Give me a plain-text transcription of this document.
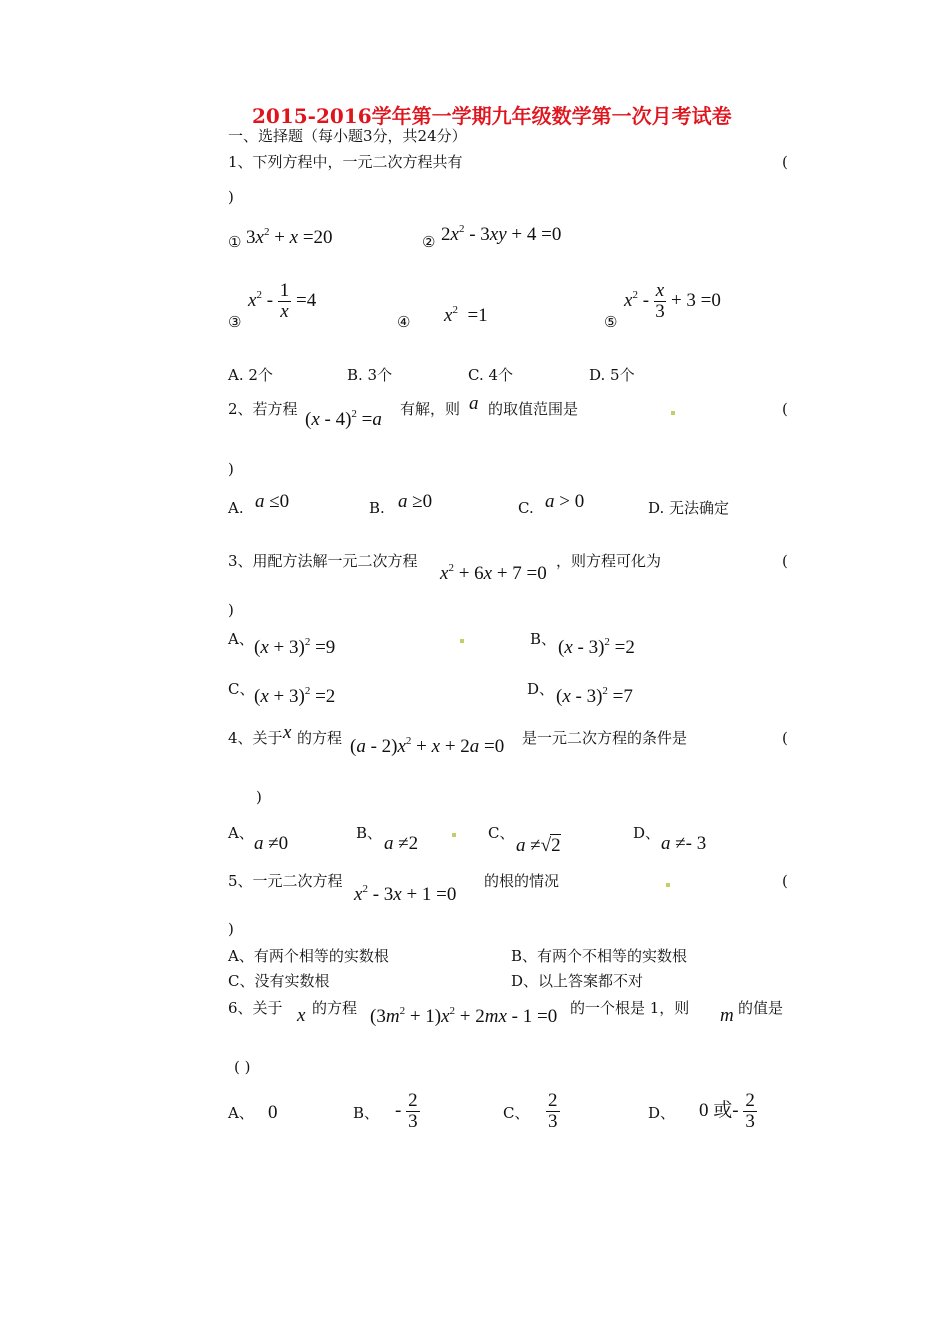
2015-2016学年第一学期九年级数学第一次月考试卷
一、选择题（每小题3分，共24分）
1、下列方程中，一元二次方程共有	(
)
① $3x^2 + x =20$	② $2x^2 - 3xy + 4 =0$
③
$x^2 - \frac{1}{x} =4$
④ $x^2 =1$	⑤
$x^2 - \frac{x}{3} + 3 =0$
A. 2个	B. 3个	C. 4个	D. 5个
2、若方程 (x - 4)$^2$ =a 有解，则 a 的取值范围是	(
)
A. a ≤0	B. a ≥0	C. a > 0	D. 无法确定
3、用配方法解一元二次方程
$x^2 + 6x + 7 =0$
，则方程可化为	(
)
A、 $(x + 3)^2 =9$	B、 (x - 3)$^2$ =2
C、 $(x + 3)^2 =2$	D、 (x - 3)$^2$ =7
4、关于 x 的方程 $(a - 2)x^2 + x + 2a =0$ 是一元二次方程的条件是	(
)
A、 a ≠0	B、 a ≠2	C、
a ≠√2
D、 a ≠- 3
5、一元二次方程
$x^2 - 3x + 1 =0$
的根的情况	(
)
A、有两个相等的实数根	B、有两个不相等的实数根
C、没有实数根	D、以上答案都不对
6、关于 x 的方程 $(3m^2 + 1)x^2 + 2mx - 1 =0$ 的一个根是 1，则 m 的值是
( )
A、 0	B、 - $\frac{2}{3}$	C、 $\frac{2}{3}$	D、 0 或- $\frac{2}{3}$
